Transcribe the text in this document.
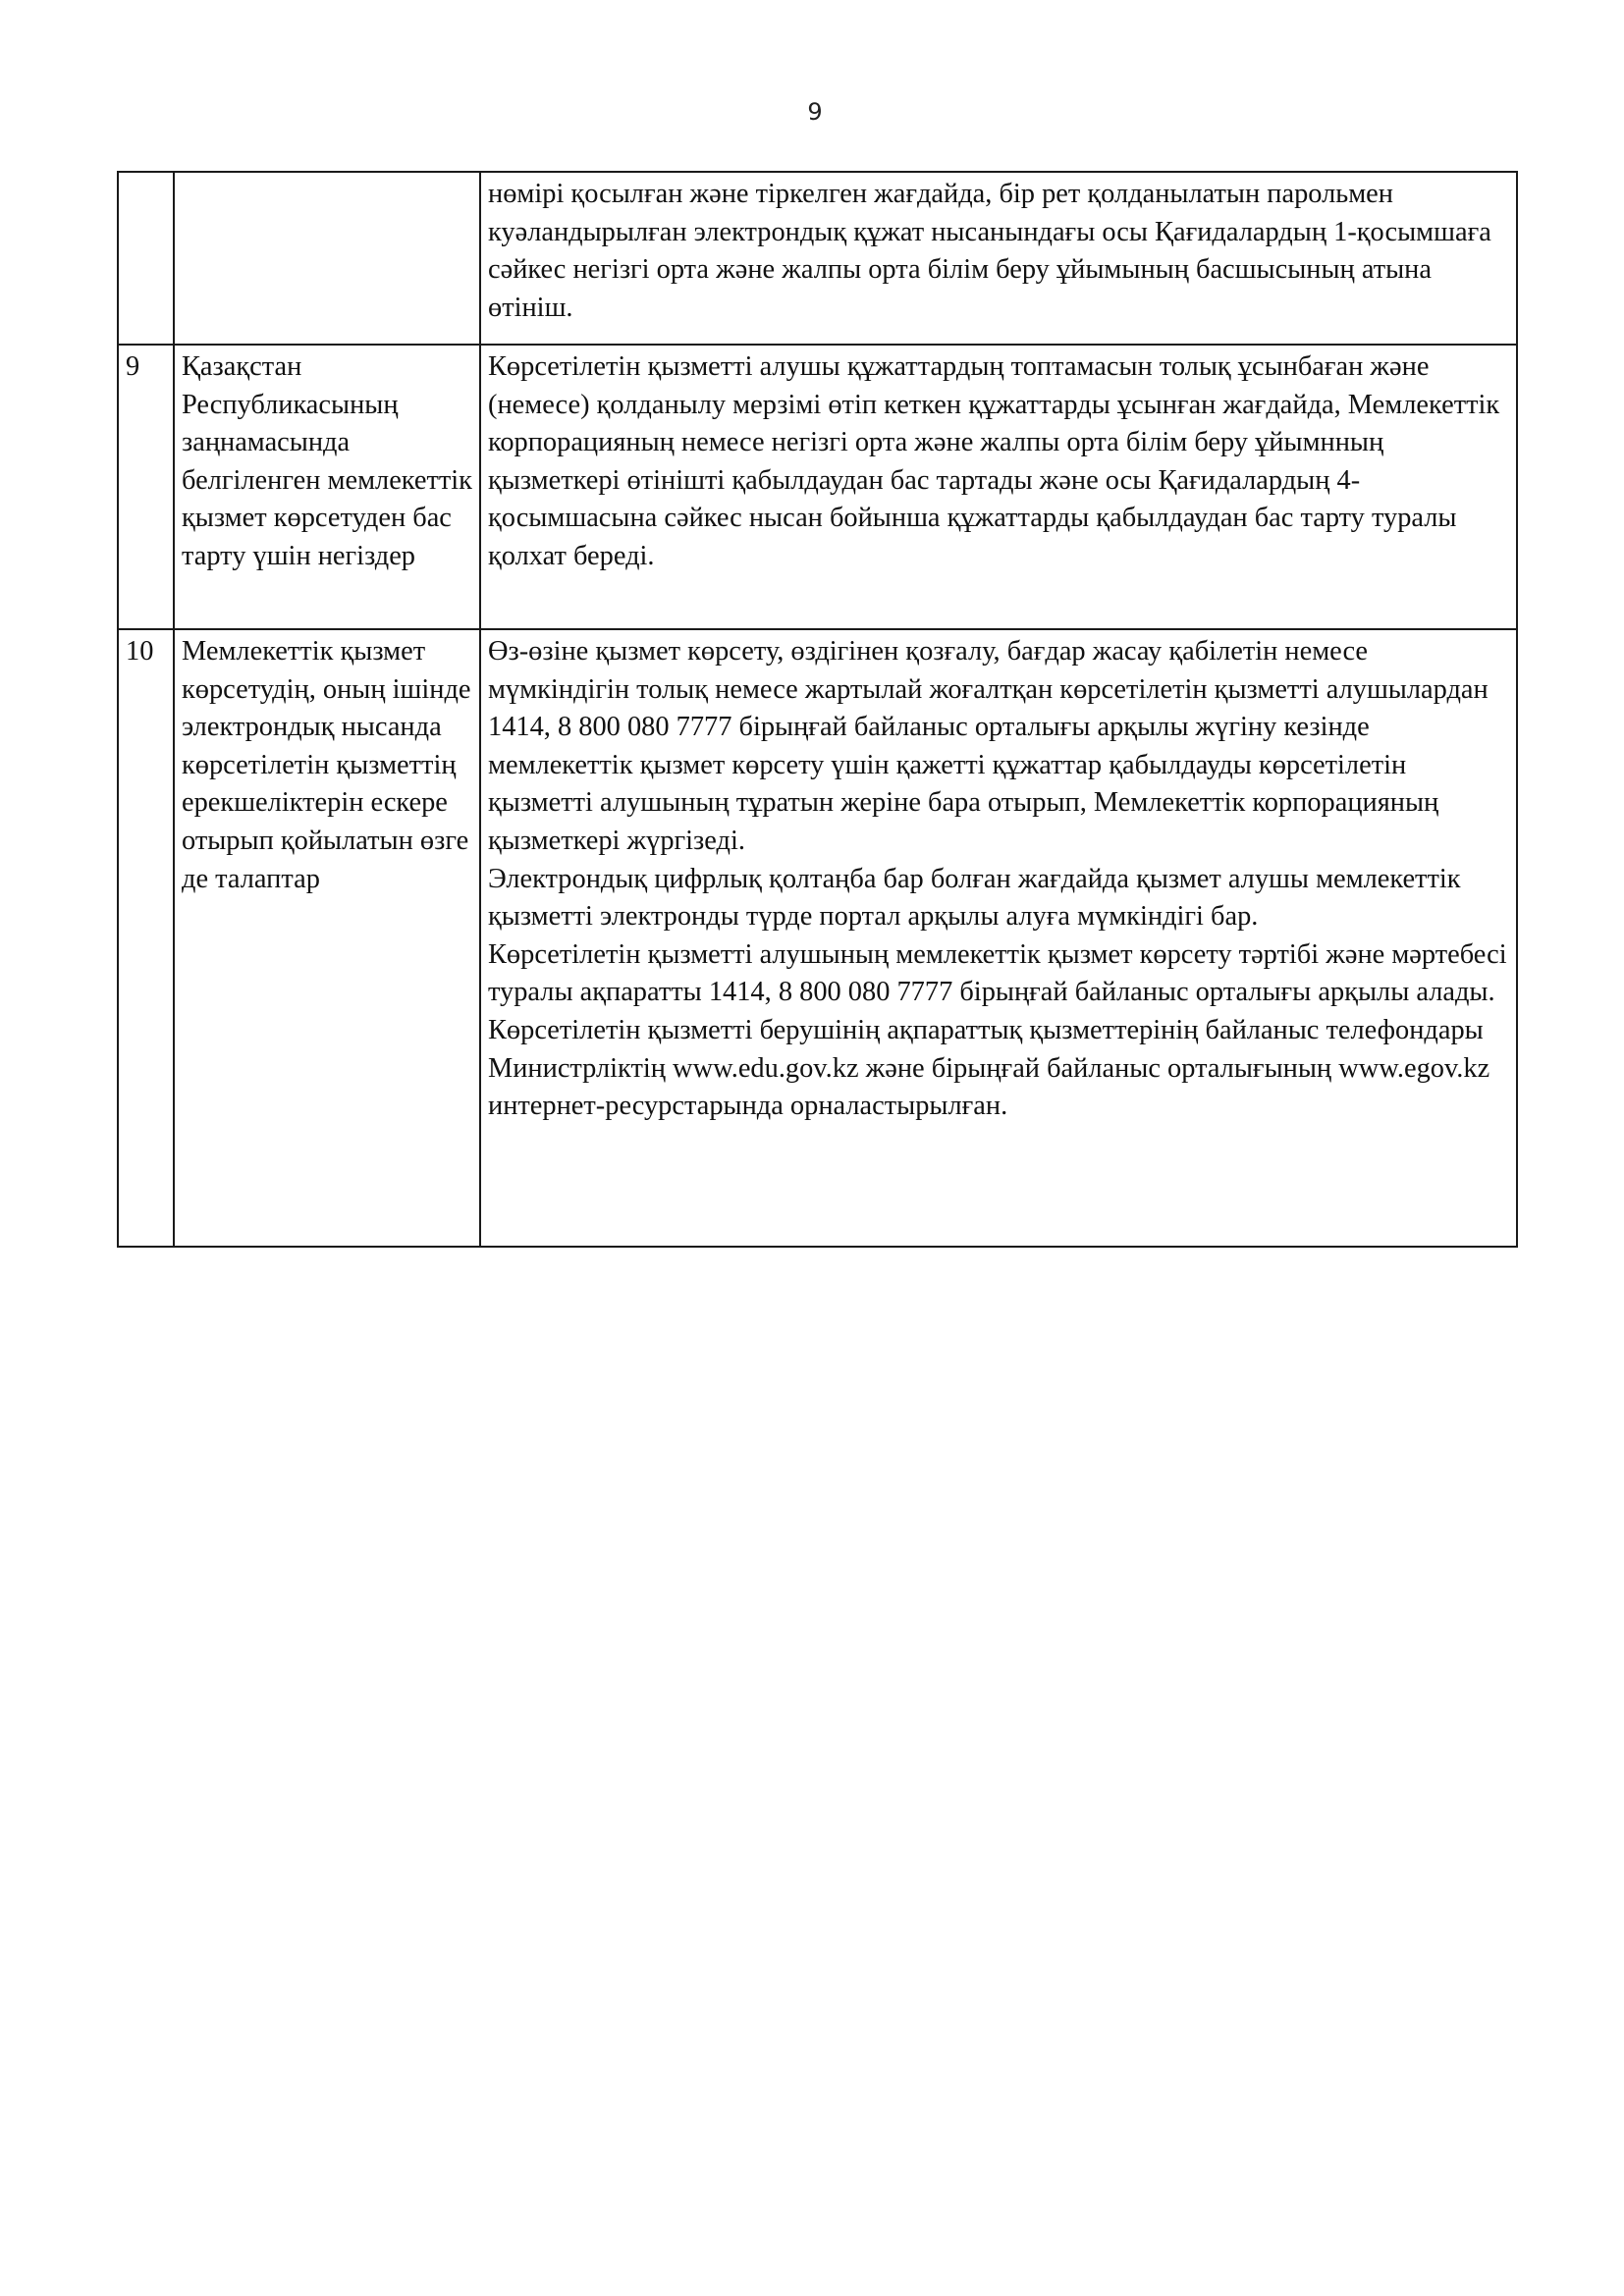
9

		нөмірі қосылған және тіркелген жағдайда, бір рет қолданылатын парольмен куәландырылған электрондық құжат нысанындағы осы Қағидалардың 1-қосымшаға сәйкес негізгі орта және жалпы орта білім беру ұйымының басшысының атына өтініш.

9	Қазақстан Республикасының заңнамасында белгіленген мемлекеттік қызмет көрсетуден бас тарту үшін негіздер	Көрсетілетін қызметті алушы құжаттардың топтамасын толық ұсынбаған және (немесе) қолданылу мерзімі өтіп кеткен құжаттарды ұсынған жағдайда, Мемлекеттік корпорацияның немесе негізгі орта және жалпы орта білім беру ұйымнның қызметкері өтінішті қабылдаудан бас тартады және осы Қағидалардың 4-қосымшасына сәйкес нысан бойынша құжаттарды қабылдаудан бас тарту туралы қолхат береді.

10	Мемлекеттік қызмет көрсетудің, оның ішінде электрондық нысанда көрсетілетін қызметтің ерекшеліктерін ескере отырып қойылатын өзге де талаптар	Өз-өзіне қызмет көрсету, өздігінен қозғалу, бағдар жасау қабілетін немесе мүмкіндігін толық немесе жартылай жоғалтқан көрсетілетін қызметті алушылардан 1414, 8 800 080 7777 бірыңғай байланыс орталығы арқылы жүгіну кезінде мемлекеттік қызмет көрсету үшін қажетті құжаттар қабылдауды көрсетілетін қызметті алушының тұратын жеріне бара отырып, Мемлекеттік корпорацияның қызметкері жүргізеді.
Электрондық цифрлық қолтаңба бар болған жағдайда қызмет алушы мемлекеттік қызметті электронды түрде портал арқылы алуға мүмкіндігі бар.
Көрсетілетін қызметті алушының мемлекеттік қызмет көрсету тәртібі және мәртебесі туралы ақпаратты 1414, 8 800 080 7777 бірыңғай байланыс орталығы арқылы алады.
Көрсетілетін қызметті берушінің ақпараттық қызметтерінің байланыс телефондары Министрліктің www.edu.gov.kz және бірыңғай байланыс орталығының www.egov.kz интернет-ресурстарында орналастырылған.
